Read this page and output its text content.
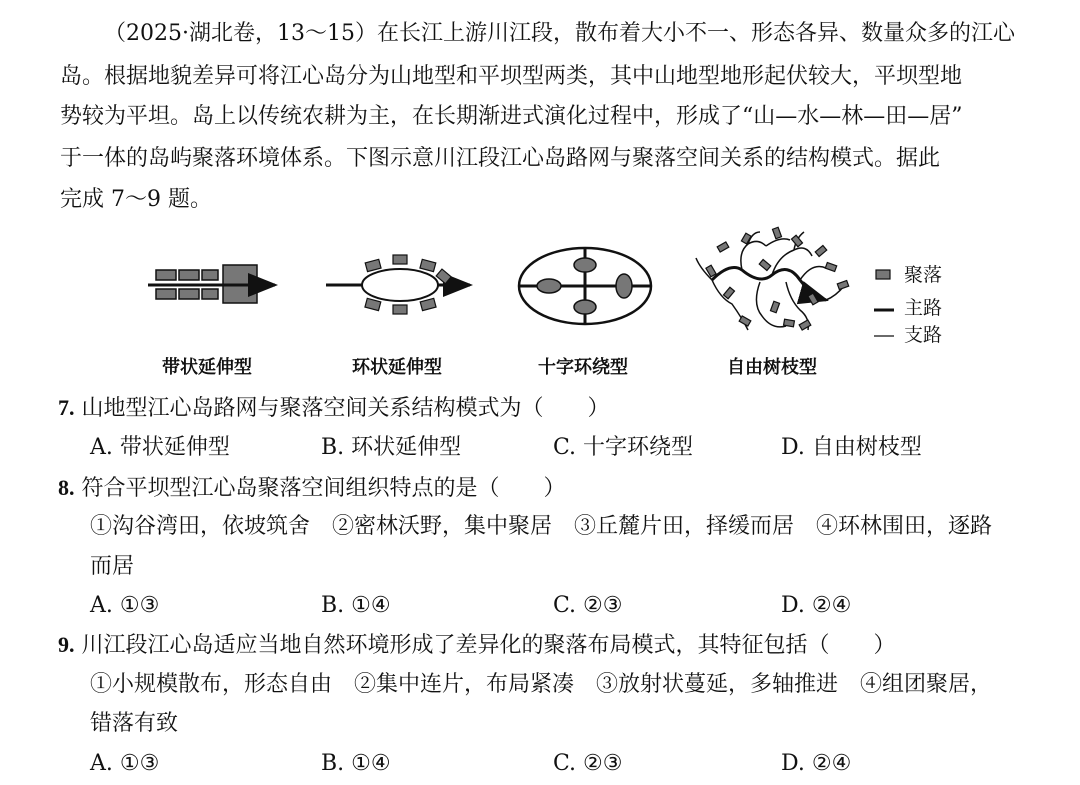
（2025·湖北卷，13～15）在长江上游川江段，散布着大小不一、形态各异、数量众多的江心
岛。根据地貌差异可将江心岛分为山地型和平坝型两类，其中山地型地形起伏较大，平坝型地
势较为平坦。岛上以传统农耕为主，在长期渐进式演化过程中，形成了“山—水—林—田—居”
于一体的岛屿聚落环境体系。下图示意川江段江心岛路网与聚落空间关系的结构模式。据此
完成 7～9 题。
聚落
主路
支路
带状延伸型	环状延伸型	十字环绕型	自由树枝型
7. 山地型江心岛路网与聚落空间关系结构模式为（　　）
A. 带状延伸型	B. 环状延伸型	C. 十字环绕型	D. 自由树枝型
8. 符合平坝型江心岛聚落空间组织特点的是（　　）
①沟谷湾田，依坡筑舍　②密林沃野，集中聚居　③丘麓片田，择缓而居　④环林围田，逐路
而居
A. ①③	B. ①④	C. ②③	D. ②④
9. 川江段江心岛适应当地自然环境形成了差异化的聚落布局模式，其特征包括（　　）
①小规模散布，形态自由　②集中连片，布局紧凑　③放射状蔓延，多轴推进　④组团聚居，
错落有致
A. ①③	B. ①④	C. ②③	D. ②④
